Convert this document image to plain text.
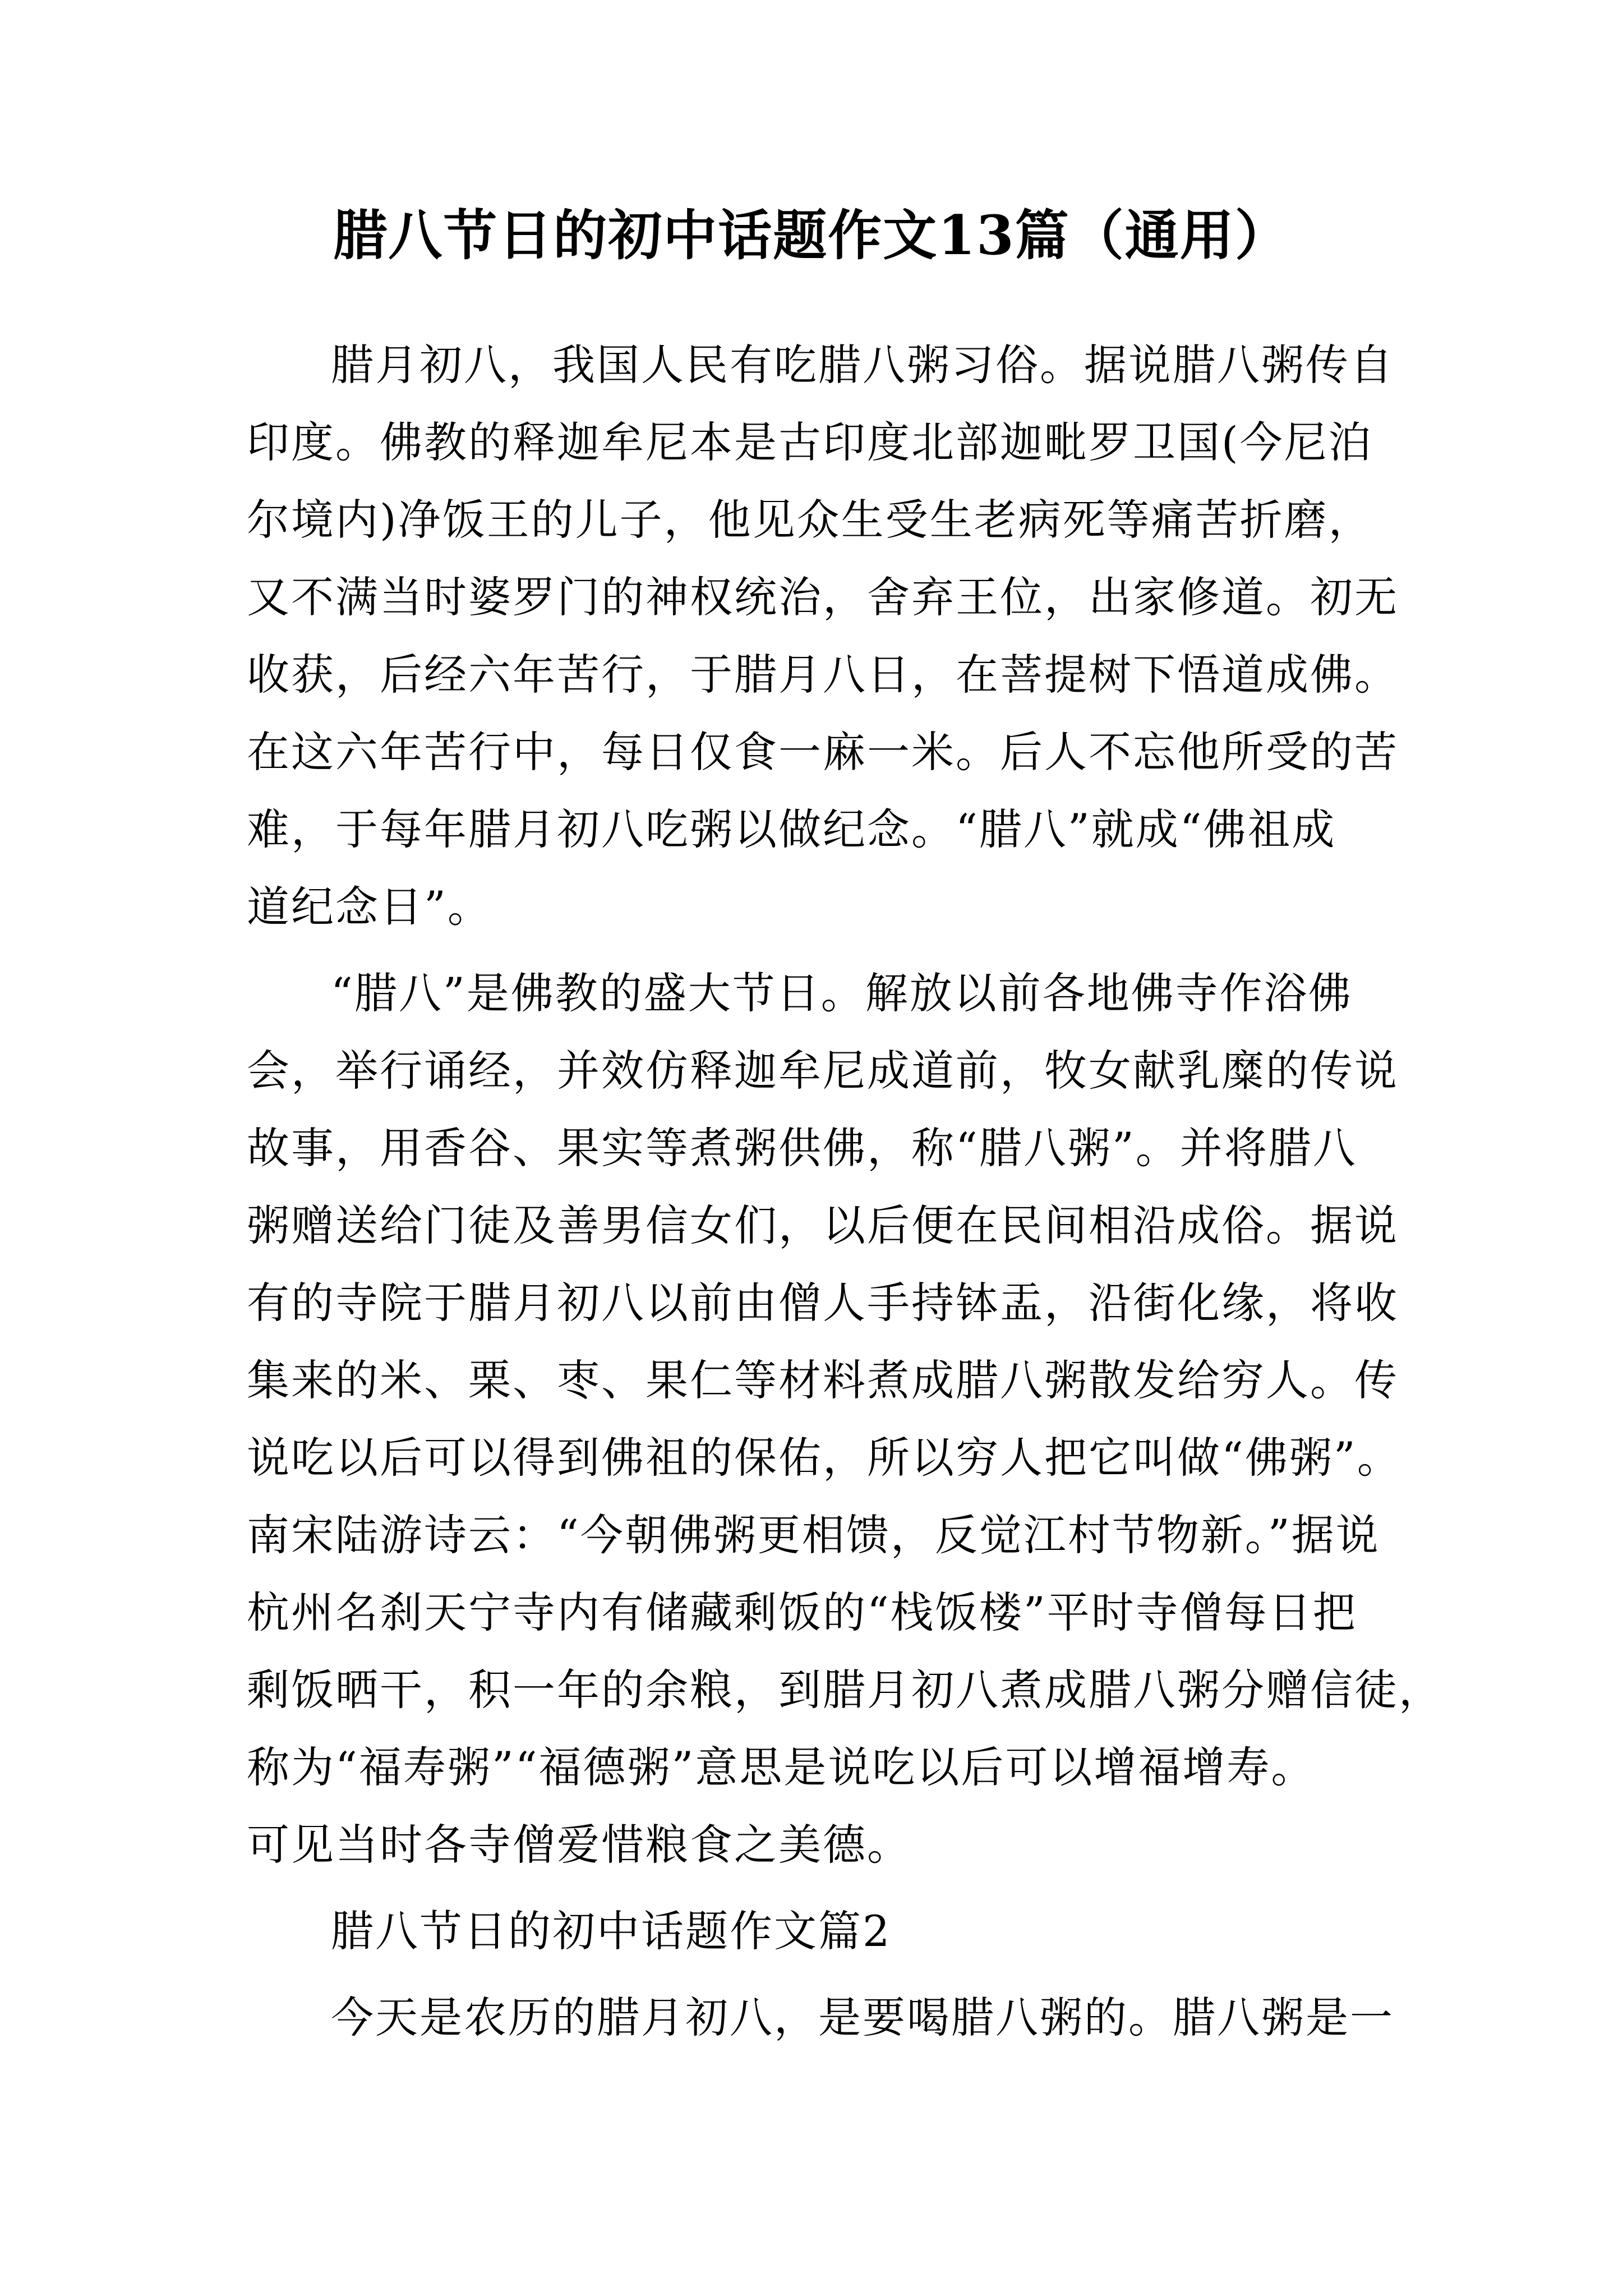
腊八节日的初中话题作文13篇（通用）
腊月初八，我国人民有吃腊八粥习俗。据说腊八粥传自
印度。佛教的释迦牟尼本是古印度北部迦毗罗卫国(今尼泊
尔境内)净饭王的儿子，他见众生受生老病死等痛苦折磨，
又不满当时婆罗门的神权统治，舍弃王位，出家修道。初无
收获，后经六年苦行，于腊月八日，在菩提树下悟道成佛。
在这六年苦行中，每日仅食一麻一米。后人不忘他所受的苦
难，于每年腊月初八吃粥以做纪念。“腊八”就成“佛祖成
道纪念日”。
“腊八”是佛教的盛大节日。解放以前各地佛寺作浴佛
会，举行诵经，并效仿释迦牟尼成道前，牧女献乳糜的传说
故事，用香谷、果实等煮粥供佛，称“腊八粥”。并将腊八
粥赠送给门徒及善男信女们，以后便在民间相沿成俗。据说
有的寺院于腊月初八以前由僧人手持钵盂，沿街化缘，将收
集来的米、栗、枣、果仁等材料煮成腊八粥散发给穷人。传
说吃以后可以得到佛祖的保佑，所以穷人把它叫做“佛粥”。
南宋陆游诗云：“今朝佛粥更相馈，反觉江村节物新。”据说
杭州名刹天宁寺内有储藏剩饭的“栈饭楼”平时寺僧每日把
剩饭晒干，积一年的余粮，到腊月初八煮成腊八粥分赠信徒，
称为“福寿粥”“福德粥”意思是说吃以后可以增福增寿。
可见当时各寺僧爱惜粮食之美德。
腊八节日的初中话题作文篇2
今天是农历的腊月初八，是要喝腊八粥的。腊八粥是一
